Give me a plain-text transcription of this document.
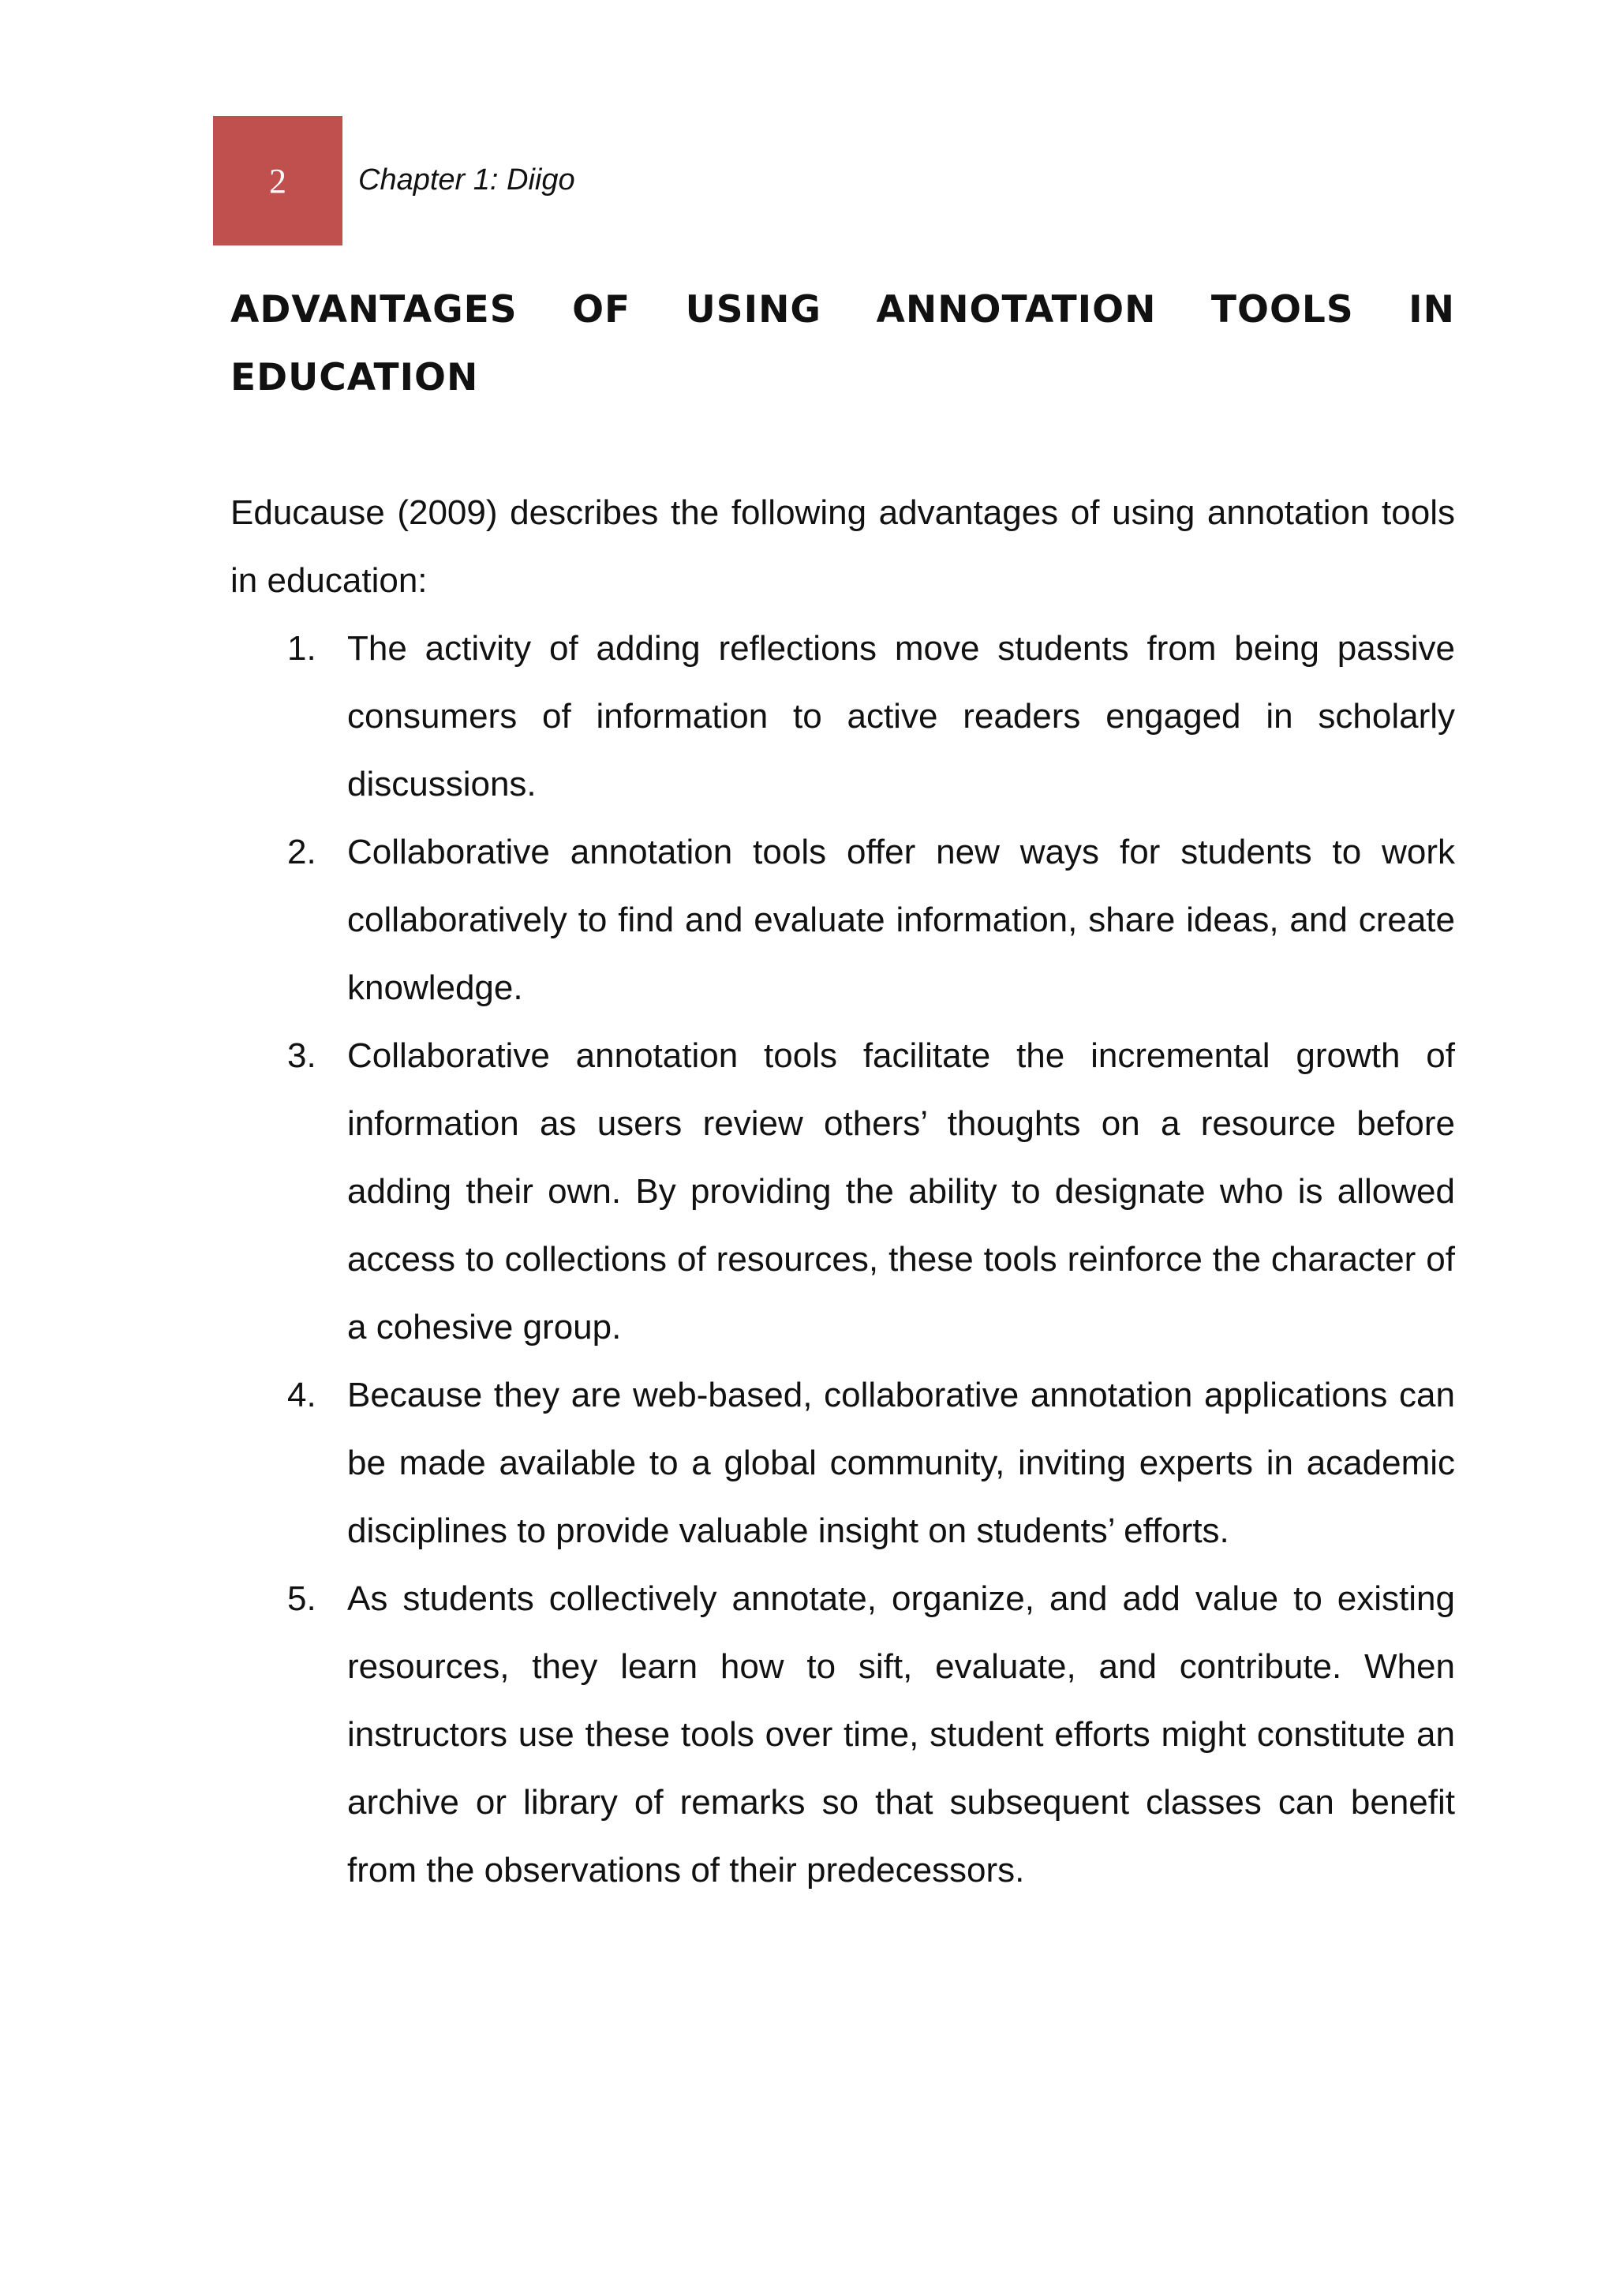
2 Chapter 1: Diigo
ADVANTAGES OF USING ANNOTATION TOOLS IN
EDUCATION

Educause (2009) describes the following advantages of using annotation tools in education:

1. The activity of adding reflections move students from being passive consumers of information to active readers engaged in scholarly discussions.
2. Collaborative annotation tools offer new ways for students to work collaboratively to find and evaluate information, share ideas, and create knowledge.
3. Collaborative annotation tools facilitate the incremental growth of information as users review others’ thoughts on a resource before adding their own. By providing the ability to designate who is allowed access to collections of resources, these tools reinforce the character of a cohesive group.
4. Because they are web-based, collaborative annotation applications can be made available to a global community, inviting experts in academic disciplines to provide valuable insight on students’ efforts.
5. As students collectively annotate, organize, and add value to existing resources, they learn how to sift, evaluate, and contribute. When instructors use these tools over time, student efforts might constitute an archive or library of remarks so that subsequent classes can benefit from the observations of their predecessors.
